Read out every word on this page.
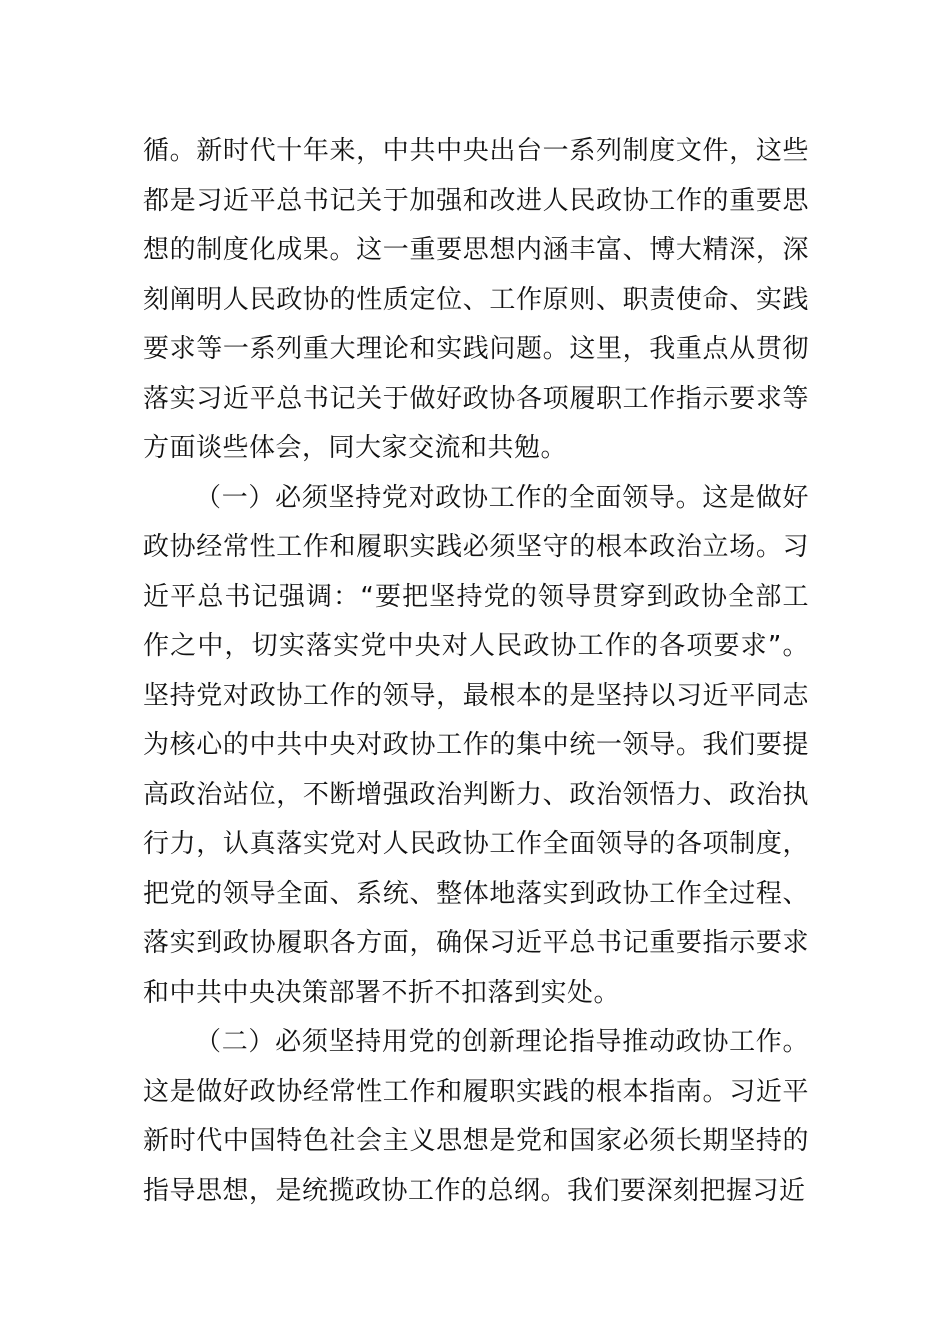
循。新时代十年来，中共中央出台一系列制度文件，这些都是习近平总书记关于加强和改进人民政协工作的重要思想的制度化成果。这一重要思想内涵丰富、博大精深，深刻阐明人民政协的性质定位、工作原则、职责使命、实践要求等一系列重大理论和实践问题。这里，我重点从贯彻落实习近平总书记关于做好政协各项履职工作指示要求等方面谈些体会，同大家交流和共勉。

（一）必须坚持党对政协工作的全面领导。这是做好政协经常性工作和履职实践必须坚守的根本政治立场。习近平总书记强调：“要把坚持党的领导贯穿到政协全部工作之中，切实落实党中央对人民政协工作的各项要求”。坚持党对政协工作的领导，最根本的是坚持以习近平同志为核心的中共中央对政协工作的集中统一领导。我们要提高政治站位，不断增强政治判断力、政治领悟力、政治执行力，认真落实党对人民政协工作全面领导的各项制度，把党的领导全面、系统、整体地落实到政协工作全过程、落实到政协履职各方面，确保习近平总书记重要指示要求和中共中央决策部署不折不扣落到实处。

（二）必须坚持用党的创新理论指导推动政协工作。这是做好政协经常性工作和履职实践的根本指南。习近平新时代中国特色社会主义思想是党和国家必须长期坚持的指导思想，是统揽政协工作的总纲。我们要深刻把握习近
